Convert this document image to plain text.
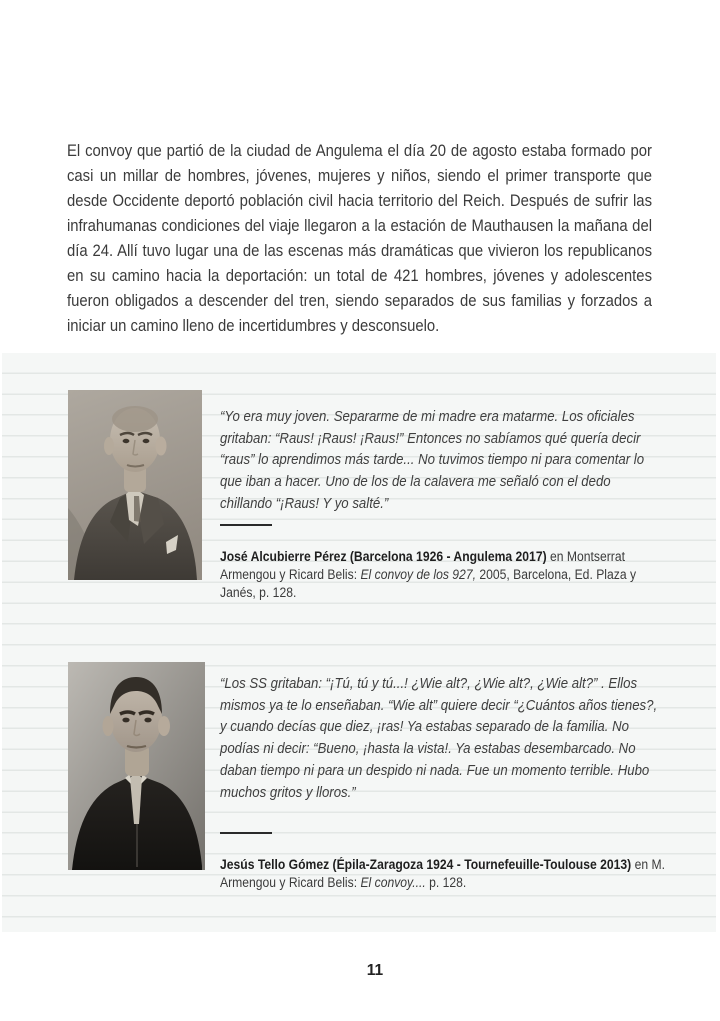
El convoy que partió de la ciudad de Angulema el día 20 de agosto estaba formado por casi un millar de hombres, jóvenes, mujeres y niños, siendo el primer transporte que desde Occidente deportó población civil hacia territorio del Reich. Después de sufrir las infrahumanas condiciones del viaje llegaron a la estación de Mauthausen la mañana del día 24. Allí tuvo lugar una de las escenas más dramáticas que vivieron los republicanos en su camino hacia la deportación: un total de 421 hombres, jóvenes y adolescentes fueron obligados a descender del tren, siendo separados de sus familias y forzados a iniciar un camino lleno de incertidumbres y desconsuelo.

“Yo era muy joven. Separarme de mi madre era matarme. Los oficiales gritaban: “Raus! ¡Raus! ¡Raus!” Entonces no sabíamos qué quería decir “raus” lo aprendimos más tarde... No tuvimos tiempo ni para comentar lo que iban a hacer. Uno de los de la calavera me señaló con el dedo chillando “¡Raus! Y yo salté.”

José Alcubierre Pérez (Barcelona 1926 - Angulema 2017) en Montserrat Armengou y Ricard Belis: El convoy de los 927, 2005, Barcelona, Ed. Plaza y Janés, p. 128.

“Los SS gritaban: “¡Tú, tú y tú...! ¿Wie alt?, ¿Wie alt?, ¿Wie alt?” . Ellos mismos ya te lo enseñaban. “Wie alt” quiere decir “¿Cuántos años tienes?, y cuando decías que diez, ¡ras! Ya estabas separado de la familia. No podías ni decir: “Bueno, ¡hasta la vista!. Ya estabas desembarcado. No daban tiempo ni para un despido ni nada. Fue un momento terrible. Hubo muchos gritos y lloros.”

Jesús Tello Gómez (Épila-Zaragoza 1924 - Tournefeuille-Toulouse 2013) en M. Armengou y Ricard Belis: El convoy.... p. 128.

11
